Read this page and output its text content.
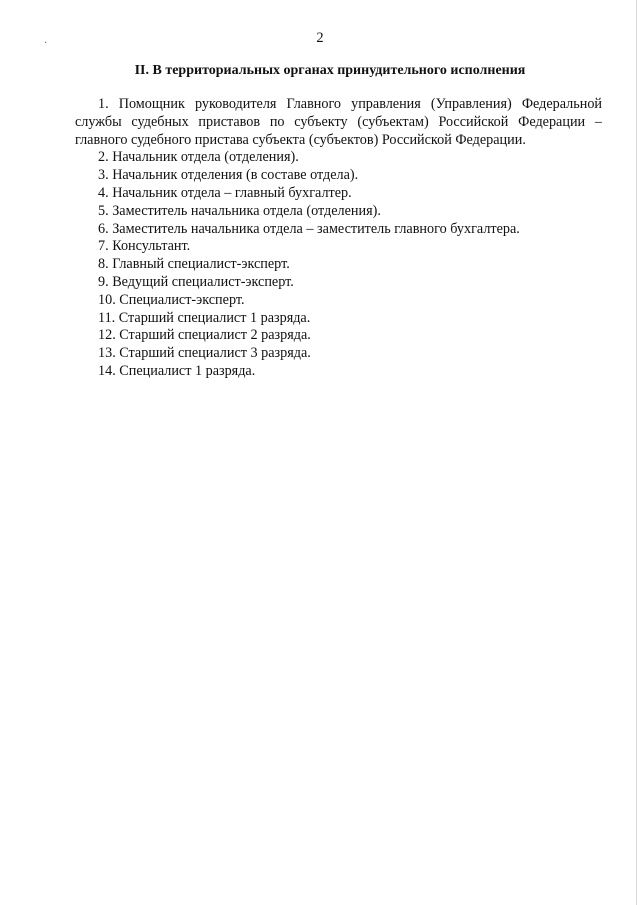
·	2
II. В территориальных органах принудительного исполнения

1. Помощник руководителя Главного управления (Управления) Федеральной службы судебных приставов по субъекту (субъектам) Российской Федерации – главного судебного пристава субъекта (субъектов) Российской Федерации.

2. Начальник отдела (отделения).
3. Начальник отделения (в составе отдела).
4. Начальник отдела – главный бухгалтер.
5. Заместитель начальника отдела (отделения).
6. Заместитель начальника отдела – заместитель главного бухгалтера.
7. Консультант.
8. Главный специалист-эксперт.
9. Ведущий специалист-эксперт.
10. Специалист-эксперт.
11. Старший специалист 1 разряда.
12. Старший специалист 2 разряда.
13. Старший специалист 3 разряда.
14. Специалист 1 разряда.
